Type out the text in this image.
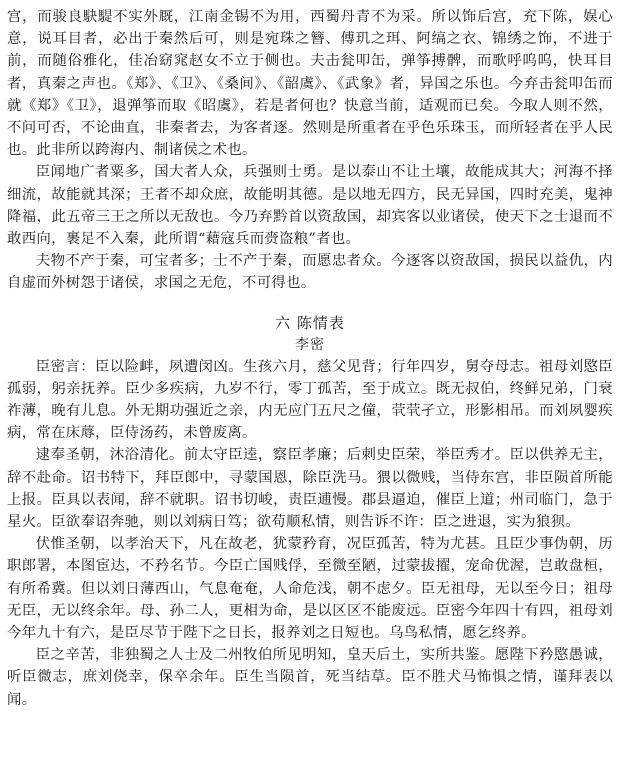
宫，而骏良駃騠不实外厩，江南金锡不为用，西蜀丹青不为采。所以饰后宫，充下陈，娱心意，说耳目者，必出于秦然后可，则是宛珠之簪、傅玑之珥、阿缟之衣、锦绣之饰，不进于前，而随俗雅化，佳冶窈窕赵女不立于侧也。夫击瓮叩缶，弹筝搏髀，而歌呼呜呜，快耳目者，真秦之声也。《郑》、《卫》、《桑间》、《韶虞》、《武象》者，异国之乐也。今弃击瓮叩缶而就《郑》《卫》，退弹筝而取《昭虞》，若是者何也？快意当前，适观而已矣。今取人则不然，不问可否，不论曲直，非秦者去，为客者逐。然则是所重者在乎色乐珠玉，而所轻者在乎人民也。此非所以跨海内、制诸侯之术也。

臣闻地广者粟多，国大者人众，兵强则士勇。是以泰山不让土壤，故能成其大；河海不择细流，故能就其深；王者不却众庶，故能明其德。是以地无四方，民无异国，四时充美，鬼神降福，此五帝三王之所以无敌也。今乃弃黔首以资敌国，却宾客以业诸侯，使天下之士退而不敢西向，裹足不入秦，此所谓“藉寇兵而赍盗粮”者也。

夫物不产于秦，可宝者多；士不产于秦，而愿忠者众。今逐客以资敌国，损民以益仇，内自虚而外树怨于诸侯，求国之无危，不可得也。

六 陈情表
李密

臣密言：臣以险衅，夙遭闵凶。生孩六月，慈父见背；行年四岁，舅夺母志。祖母刘愍臣孤弱，躬亲抚养。臣少多疾病，九岁不行，零丁孤苦，至于成立。既无叔伯，终鲜兄弟，门衰祚薄，晚有儿息。外无期功强近之亲，内无应门五尺之僮，茕茕孑立，形影相吊。而刘夙婴疾病，常在床蓐，臣侍汤药，未曾废离。

逮奉圣朝，沐浴清化。前太守臣逵，察臣孝廉；后刺史臣荣，举臣秀才。臣以供养无主，辞不赴命。诏书特下，拜臣郎中，寻蒙国恩，除臣洗马。猥以微贱，当侍东宫，非臣陨首所能上报。臣具以表闻，辞不就职。诏书切峻，责臣逋慢。郡县逼迫，催臣上道；州司临门，急于星火。臣欲奉诏奔驰，则以刘病日笃；欲苟顺私情，则告诉不许：臣之进退，实为狼狈。

伏惟圣朝，以孝治天下，凡在故老，犹蒙矜育，况臣孤苦，特为尤甚。且臣少事伪朝，历职郎署，本图宦达，不矜名节。今臣亡国贱俘，至微至陋，过蒙拔擢，宠命优渥，岂敢盘桓，有所希冀。但以刘日薄西山，气息奄奄，人命危浅，朝不虑夕。臣无祖母，无以至今日；祖母无臣，无以终余年。母、孙二人，更相为命，是以区区不能废远。臣密今年四十有四，祖母刘今年九十有六，是臣尽节于陛下之日长，报养刘之日短也。乌鸟私情，愿乞终养。

臣之辛苦，非独蜀之人士及二州牧伯所见明知，皇天后土，实所共鉴。愿陛下矜愍愚诚，听臣微志，庶刘侥幸，保卒余年。臣生当陨首，死当结草。臣不胜犬马怖惧之情，谨拜表以闻。
